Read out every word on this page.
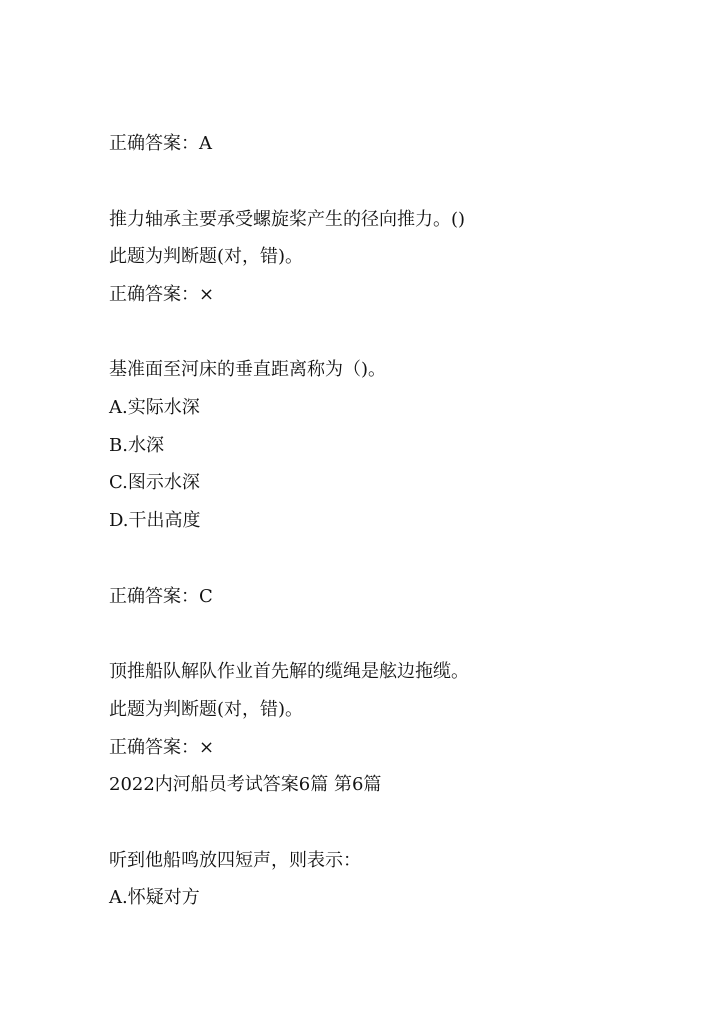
正确答案：A
推力轴承主要承受螺旋桨产生的径向推力。()
此题为判断题(对，错)。
正确答案：×
基准面至河床的垂直距离称为（)。
A.实际水深
B.水深
C.图示水深
D.干出高度
正确答案：C
顶推船队解队作业首先解的缆绳是舷边拖缆。
此题为判断题(对，错)。
正确答案：×
2022内河船员考试答案6篇 第6篇
听到他船鸣放四短声，则表示：
A.怀疑对方
